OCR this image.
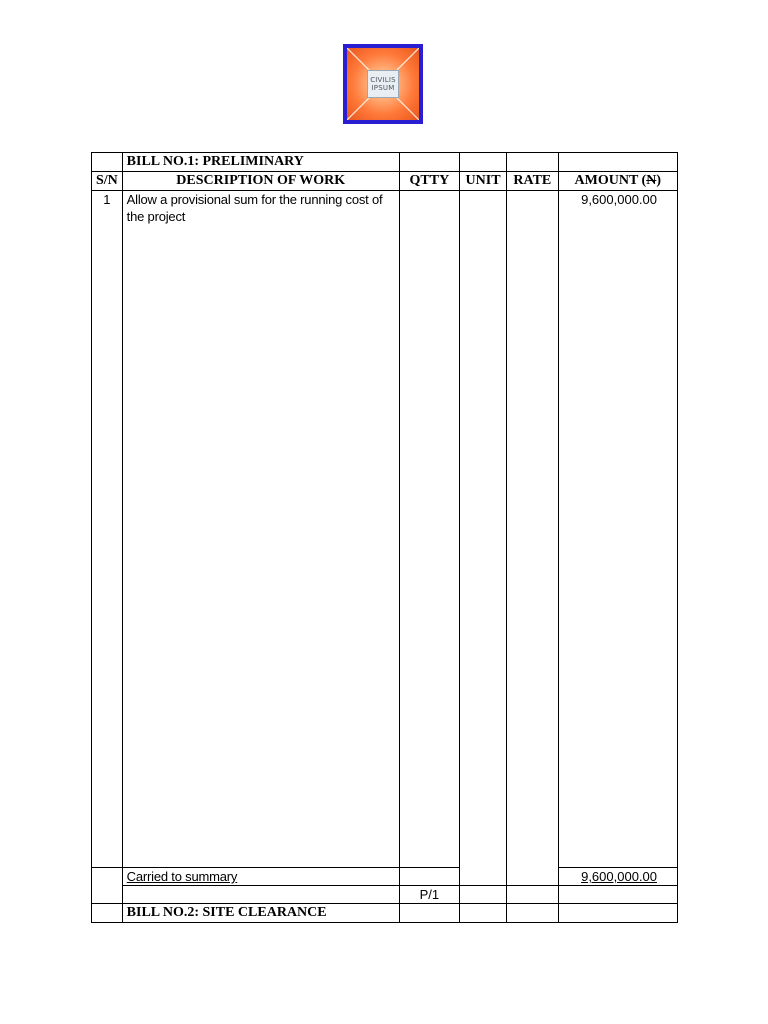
CIVILIS
IPSUM
	BILL NO.1: PRELIMINARY				
S/N	DESCRIPTION OF WORK	QTTY	UNIT	RATE	AMOUNT (N)
1	Allow a provisional sum for the running cost of the project				9,600,000.00
	Carried to summary				9,600,000.00
		P/1			
	BILL NO.2: SITE CLEARANCE				
